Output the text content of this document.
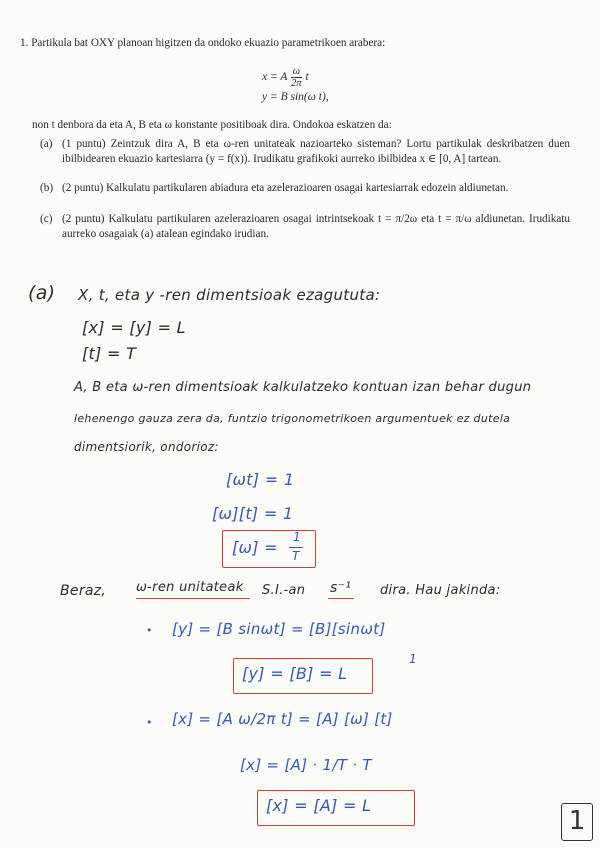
1. Partikula bat OXY planoan higitzen da ondoko ekuazio parametrikoen arabera:
x = A $\frac{\omega}{2\pi}$ t
y = B sin(ω t),
non t denbora da eta A, B eta ω konstante positiboak dira. Ondokoa eskatzen da:
(a) (1 puntu) Zeintzuk dira A, B eta ω-ren unitateak nazioarteko sisteman? Lortu partikulak deskribatzen duen ibilbidearen ekuazio kartesiarra (y = f(x)). Irudikatu grafikoki aurreko ibilbidea x ∈ [0, A] tartean.
(b) (2 puntu) Kalkulatu partikularen abiadura eta azelerazioaren osagai kartesiarrak edozein aldiunetan.
(c) (2 puntu) Kalkulatu partikularen azelerazioaren osagai intrintsekoak t = π/2ω eta t = π/ω aldiunetan. Irudikatu aurreko osagaiak (a) atalean egindako irudian.
(a) X, t, eta y -ren dimentsioak ezagututa:
[x] = [y] = L
[t] = T
A, B eta ω-ren dimentsioak kalkulatzeko kontuan izan behar dugun
lehenengo gauza zera da, funtzio trigonometrikoen argumentuek ez dutela
dimentsiorik, ondorioz:
[ωt] = 1
[ω][t] = 1
[ω] =
1
T
Beraz, ω-ren unitateak S.I.-an s⁻¹ dira. Hau jakinda:
• [y] = [B sinωt] = [B][sinωt]
1
[y] = [B] = L
• [x] = [A ω/2π t] = [A] [ω] [t]
[x] = [A] · 1/T · T
[x] = [A] = L
1
